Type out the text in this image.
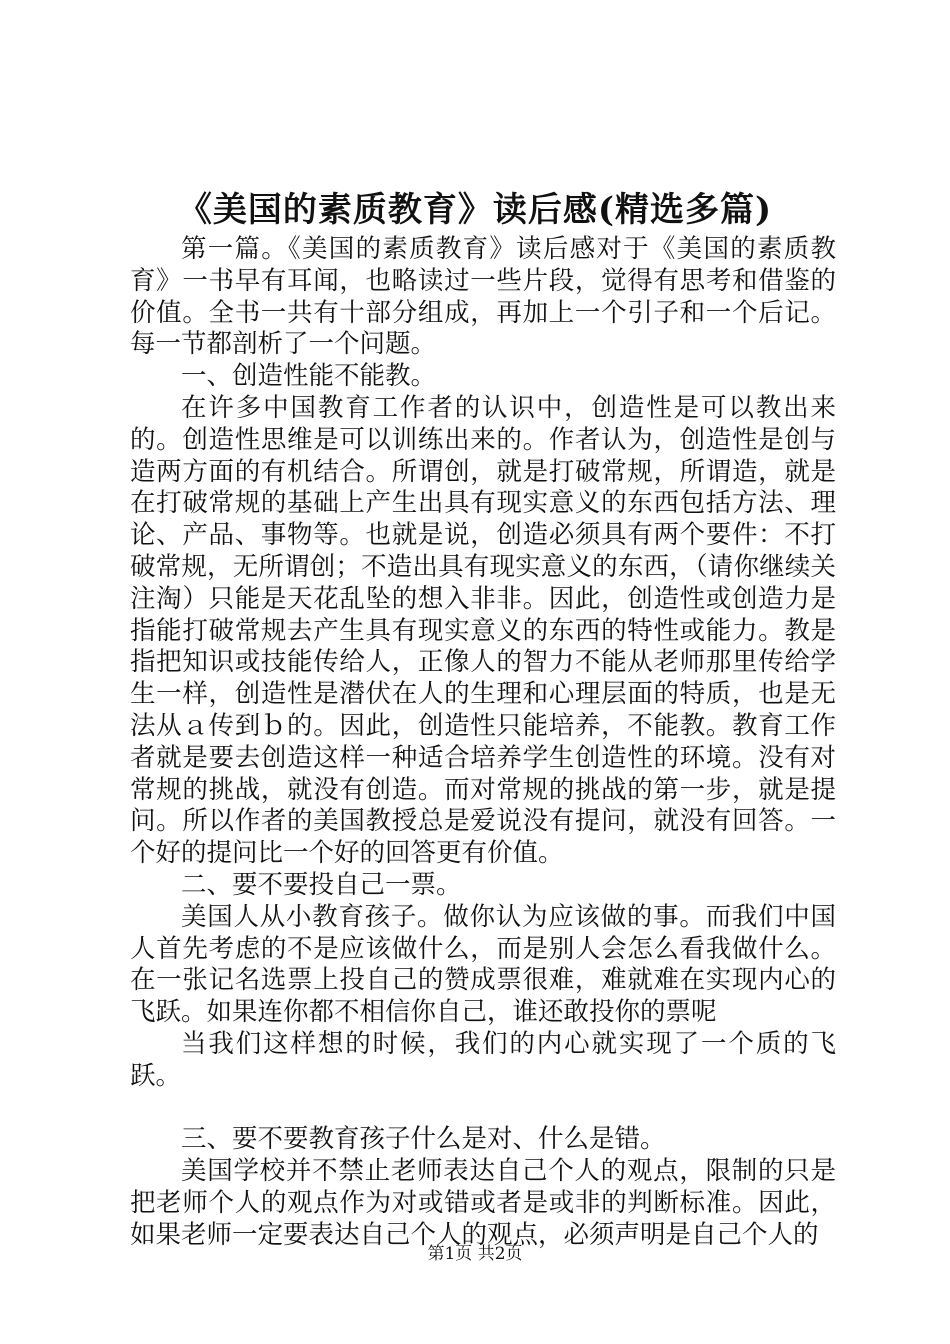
《美国的素质教育》读后感(精选多篇)

第一篇。《美国的素质教育》读后感对于《美国的素质教育》一书早有耳闻，也略读过一些片段，觉得有思考和借鉴的价值。全书一共有十部分组成，再加上一个引子和一个后记。每一节都剖析了一个问题。

一、创造性能不能教。

在许多中国教育工作者的认识中，创造性是可以教出来的。创造性思维是可以训练出来的。作者认为，创造性是创与造两方面的有机结合。所谓创，就是打破常规，所谓造，就是在打破常规的基础上产生出具有现实意义的东西包括方法、理论、产品、事物等。也就是说，创造必须具有两个要件：不打破常规，无所谓创；不造出具有现实意义的东西，（请你继续关注淘）只能是天花乱坠的想入非非。因此，创造性或创造力是指能打破常规去产生具有现实意义的东西的特性或能力。教是指把知识或技能传给人，正像人的智力不能从老师那里传给学生一样，创造性是潜伏在人的生理和心理层面的特质，也是无法从ａ传到ｂ的。因此，创造性只能培养，不能教。教育工作者就是要去创造这样一种适合培养学生创造性的环境。没有对常规的挑战，就没有创造。而对常规的挑战的第一步，就是提问。所以作者的美国教授总是爱说没有提问，就没有回答。一个好的提问比一个好的回答更有价值。

二、要不要投自己一票。

美国人从小教育孩子。做你认为应该做的事。而我们中国人首先考虑的不是应该做什么，而是别人会怎么看我做什么。在一张记名选票上投自己的赞成票很难，难就难在实现内心的飞跃。如果连你都不相信你自己，谁还敢投你的票呢

当我们这样想的时候，我们的内心就实现了一个质的飞跃。

三、要不要教育孩子什么是对、什么是错。

美国学校并不禁止老师表达自己个人的观点，限制的只是把老师个人的观点作为对或错或者是或非的判断标准。因此，如果老师一定要表达自己个人的观点，必须声明是自己个人的

第1页 共2页
